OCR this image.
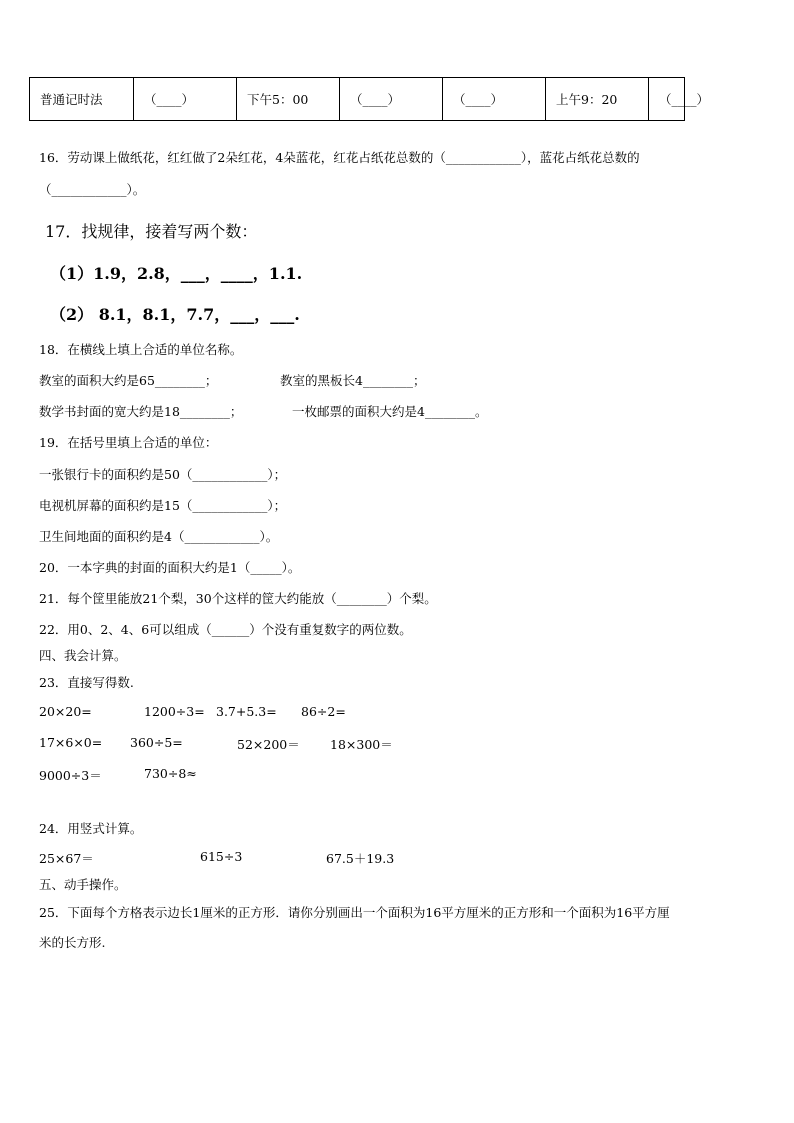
普通记时法	（____）	下午5：00	（____）	（____）	上午9：20	（____）
16．劳动课上做纸花，红红做了2朵红花，4朵蓝花，红花占纸花总数的（____________），蓝花占纸花总数的
（____________）。
17．找规律，接着写两个数：
（1）1.9，2.8，___，____，1.1.
（2） 8.1，8.1，7.7，___，___.
18．在横线上填上合适的单位名称。
教室的面积大约是65________；	教室的黑板长4________；
数学书封面的宽大约是18________；	一枚邮票的面积大约是4________。
19．在括号里填上合适的单位：
一张银行卡的面积约是50（____________）；
电视机屏幕的面积约是15（____________）；
卫生间地面的面积约是4（____________）。
20．一本字典的封面的面积大约是1（_____）。
21．每个筐里能放21个梨，30个这样的筐大约能放（________）个梨。
22．用0、2、4、6可以组成（______）个没有重复数字的两位数。
四、我会计算。
23．直接写得数.
20×20=	1200÷3= 3.7+5.3= 86÷2=
17×6×0= 360÷5=	52×200＝ 18×300＝
9000÷3＝	730÷8≈
24．用竖式计算。
25×67＝	615÷3	67.5＋19.3
五、动手操作。
25．下面每个方格表示边长1厘米的正方形．请你分别画出一个面积为16平方厘米的正方形和一个面积为16平方厘
米的长方形.
